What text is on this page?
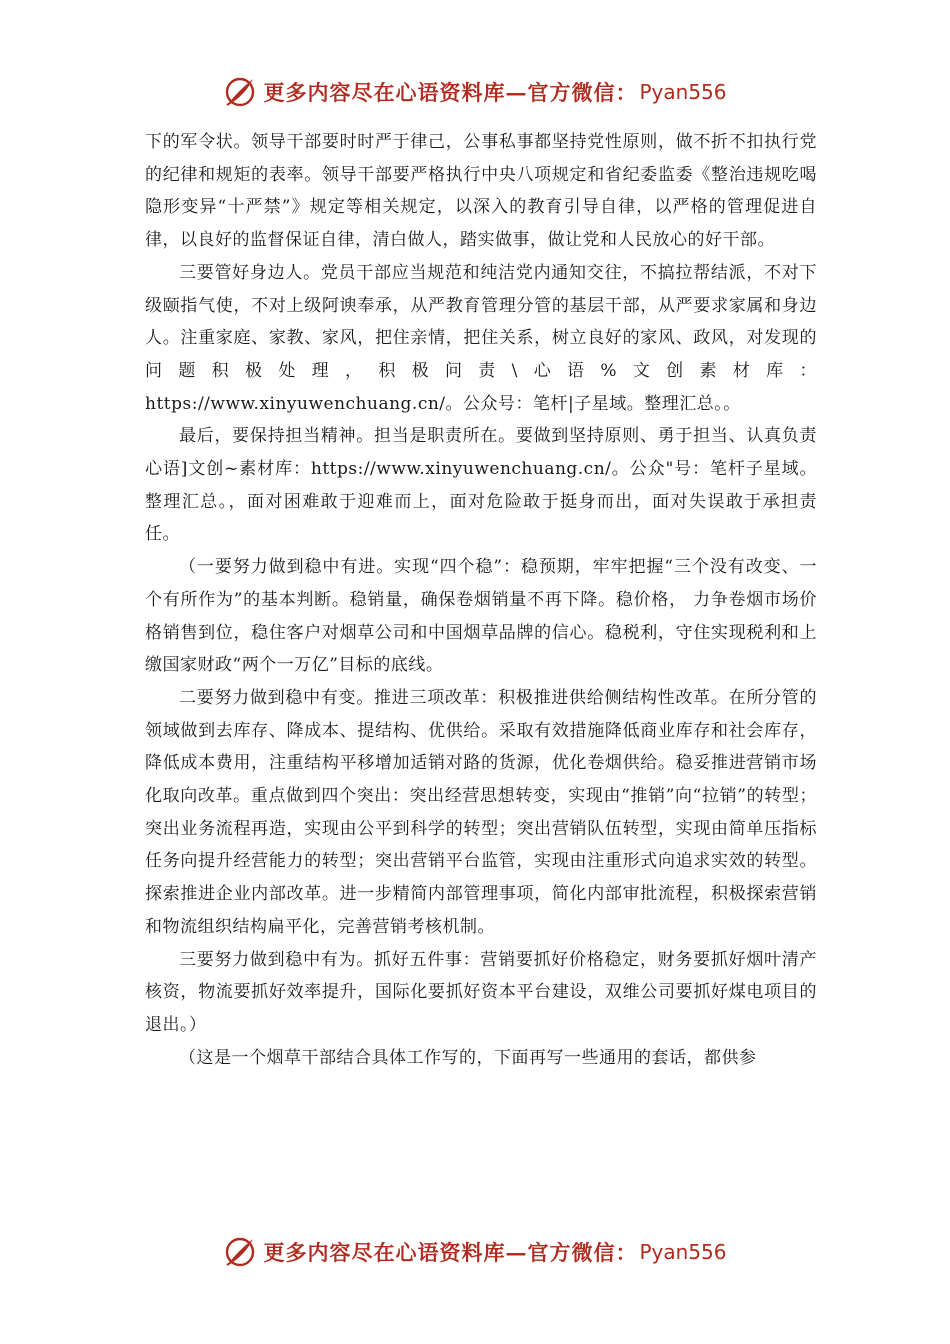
更多内容尽在心语资料库—官方微信： Pyan556

下的军令状。领导干部要时时严于律己，公事私事都坚持党性原则，做不折不扣执行党的纪律和规矩的表率。领导干部要严格执行中央八项规定和省纪委监委《整治违规吃喝隐形变异“十严禁”》规定等相关规定，以深入的教育引导自律，以严格的管理促进自律，以良好的监督保证自律，清白做人，踏实做事，做让党和人民放心的好干部。

三要管好身边人。党员干部应当规范和纯洁党内通知交往，不搞拉帮结派，不对下级颐指气使，不对上级阿谀奉承，从严教育管理分管的基层干部，从严要求家属和身边人。注重家庭、家教、家风，把住亲情，把住关系，树立良好的家风、政风，对发现的问题积极处理，积极问责\心语%文创素材库：https://www.xinyuwenchuang.cn/。公众号：笔杆|子星域。整理汇总。。

最后，要保持担当精神。担当是职责所在。要做到坚持原则、勇于担当、认真负责心语]文创~素材库：https://www.xinyuwenchuang.cn/。公众"号：笔杆子星域。整理汇总。，面对困难敢于迎难而上，面对危险敢于挺身而出，面对失误敢于承担责任。

（一要努力做到稳中有进。实现“四个稳”：稳预期，牢牢把握“三个没有改变、一个有所作为”的基本判断。稳销量，确保卷烟销量不再下降。稳价格， 力争卷烟市场价格销售到位，稳住客户对烟草公司和中国烟草品牌的信心。稳税利，守住实现税利和上缴国家财政“两个一万亿”目标的底线。

二要努力做到稳中有变。推进三项改革：积极推进供给侧结构性改革。在所分管的领域做到去库存、降成本、提结构、优供给。采取有效措施降低商业库存和社会库存，降低成本费用，注重结构平移增加适销对路的货源，优化卷烟供给。稳妥推进营销市场化取向改革。重点做到四个突出：突出经营思想转变，实现由“推销”向“拉销”的转型；突出业务流程再造，实现由公平到科学的转型；突出营销队伍转型，实现由简单压指标任务向提升经营能力的转型；突出营销平台监管，实现由注重形式向追求实效的转型。探索推进企业内部改革。进一步精简内部管理事项，简化内部审批流程，积极探索营销和物流组织结构扁平化，完善营销考核机制。

三要努力做到稳中有为。抓好五件事：营销要抓好价格稳定，财务要抓好烟叶清产核资，物流要抓好效率提升，国际化要抓好资本平台建设，双维公司要抓好煤电项目的退出。）

（这是一个烟草干部结合具体工作写的，下面再写一些通用的套话，都供参

更多内容尽在心语资料库—官方微信： Pyan556
